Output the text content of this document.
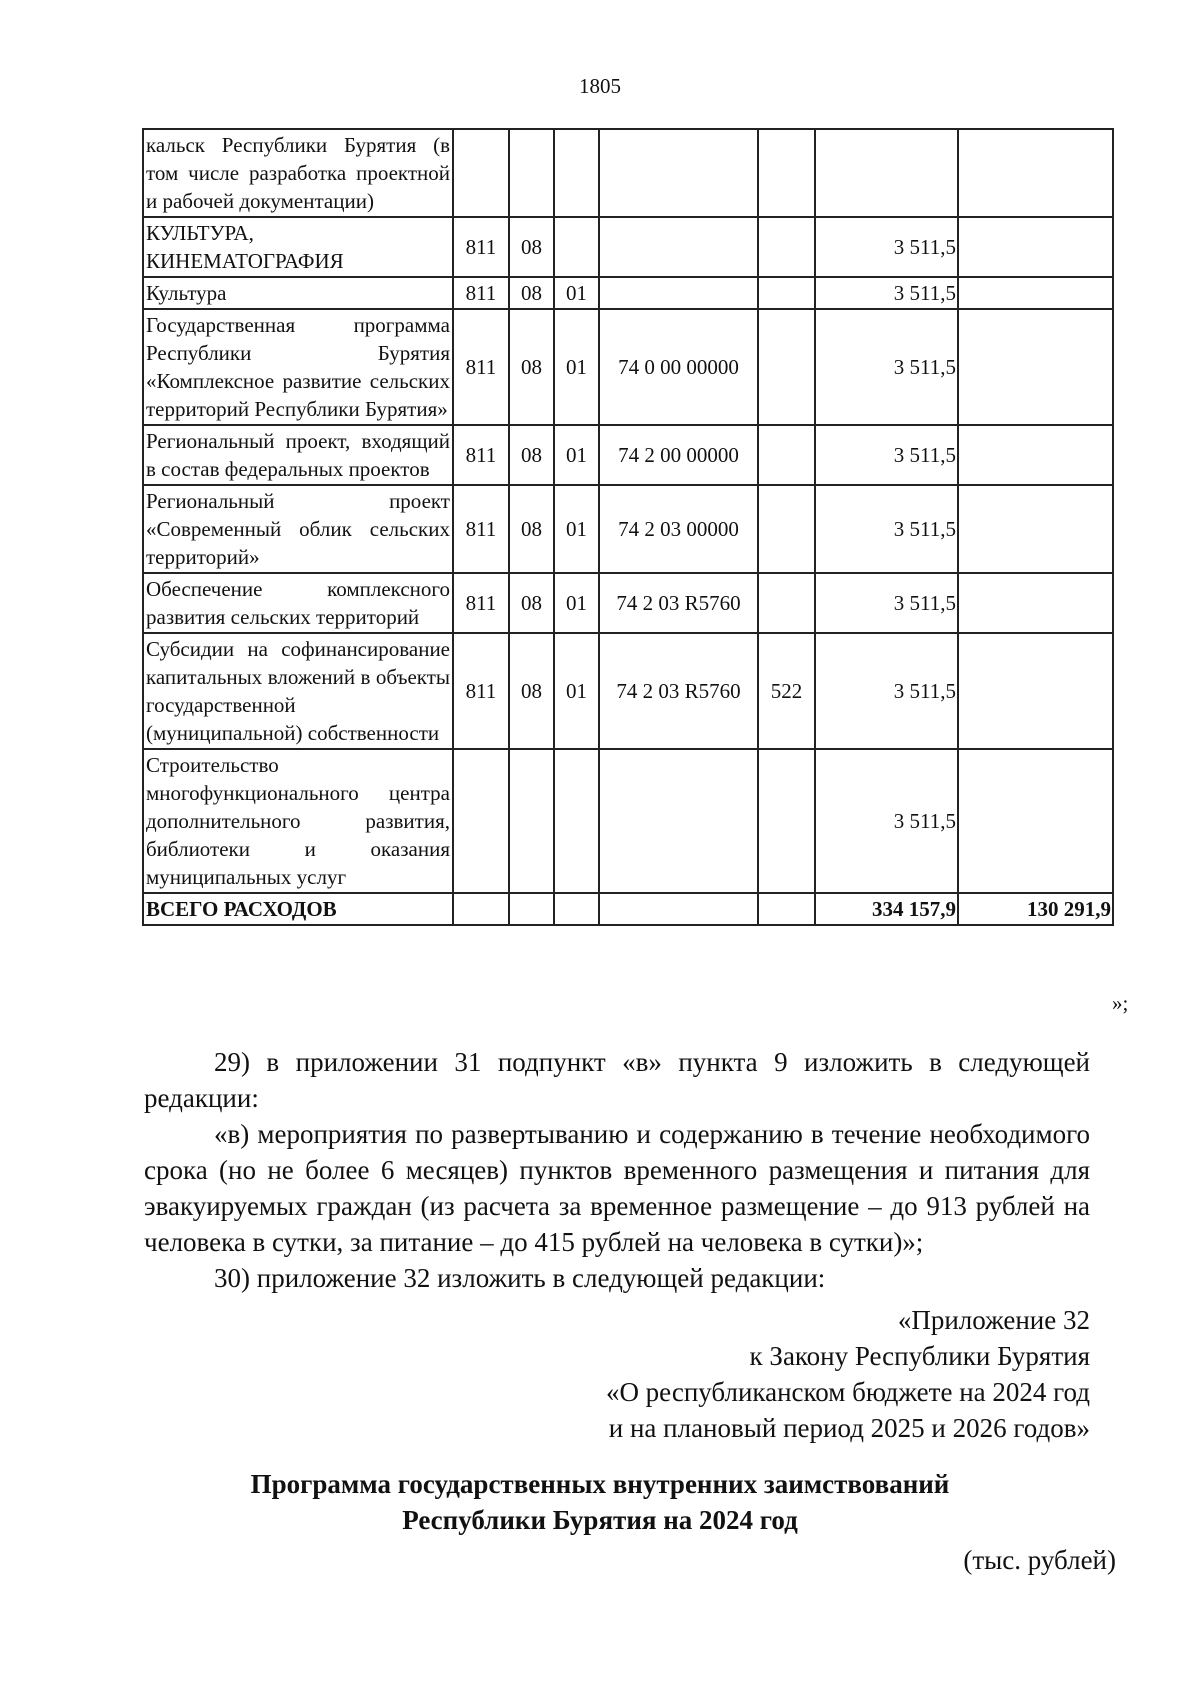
1805
кальск Республики Бурятия (в том числе разработка проектной и рабочей документации)							
КУЛЬТУРА, КИНЕМАТОГРАФИЯ	811	08				3 511,5	
Культура	811	08	01			3 511,5	
Государственная программа Республики Бурятия «Комплексное развитие сельских территорий Республики Бурятия»	811	08	01	74 0 00 00000		3 511,5	
Региональный проект, входящий в состав федеральных проектов	811	08	01	74 2 00 00000		3 511,5	
Региональный проект «Современный облик сельских территорий»	811	08	01	74 2 03 00000		3 511,5	
Обеспечение комплексного развития сельских территорий	811	08	01	74 2 03 R5760		3 511,5	
Субсидии на софинансирование капитальных вложений в объекты государственной (муниципальной) собственности	811	08	01	74 2 03 R5760	522	3 511,5	
Строительство многофункционального центра дополнительного развития, библиотеки и оказания муниципальных услуг						3 511,5	
ВСЕГО РАСХОДОВ						334 157,9	130 291,9
»;

29) в приложении 31 подпункт «в» пункта 9 изложить в следующей редакции:

«в) мероприятия по развертыванию и содержанию в течение необходимого срока (но не более 6 месяцев) пунктов временного размещения и питания для эвакуируемых граждан (из расчета за временное размещение – до 913 рублей на человека в сутки, за питание – до 415 рублей на человека в сутки)»;

30) приложение 32 изложить в следующей редакции:

«Приложение 32
к Закону Республики Бурятия
«О республиканском бюджете на 2024 год
и на плановый период 2025 и 2026 годов»
Программа государственных внутренних заимствований
Республики Бурятия на 2024 год
(тыс. рублей)
